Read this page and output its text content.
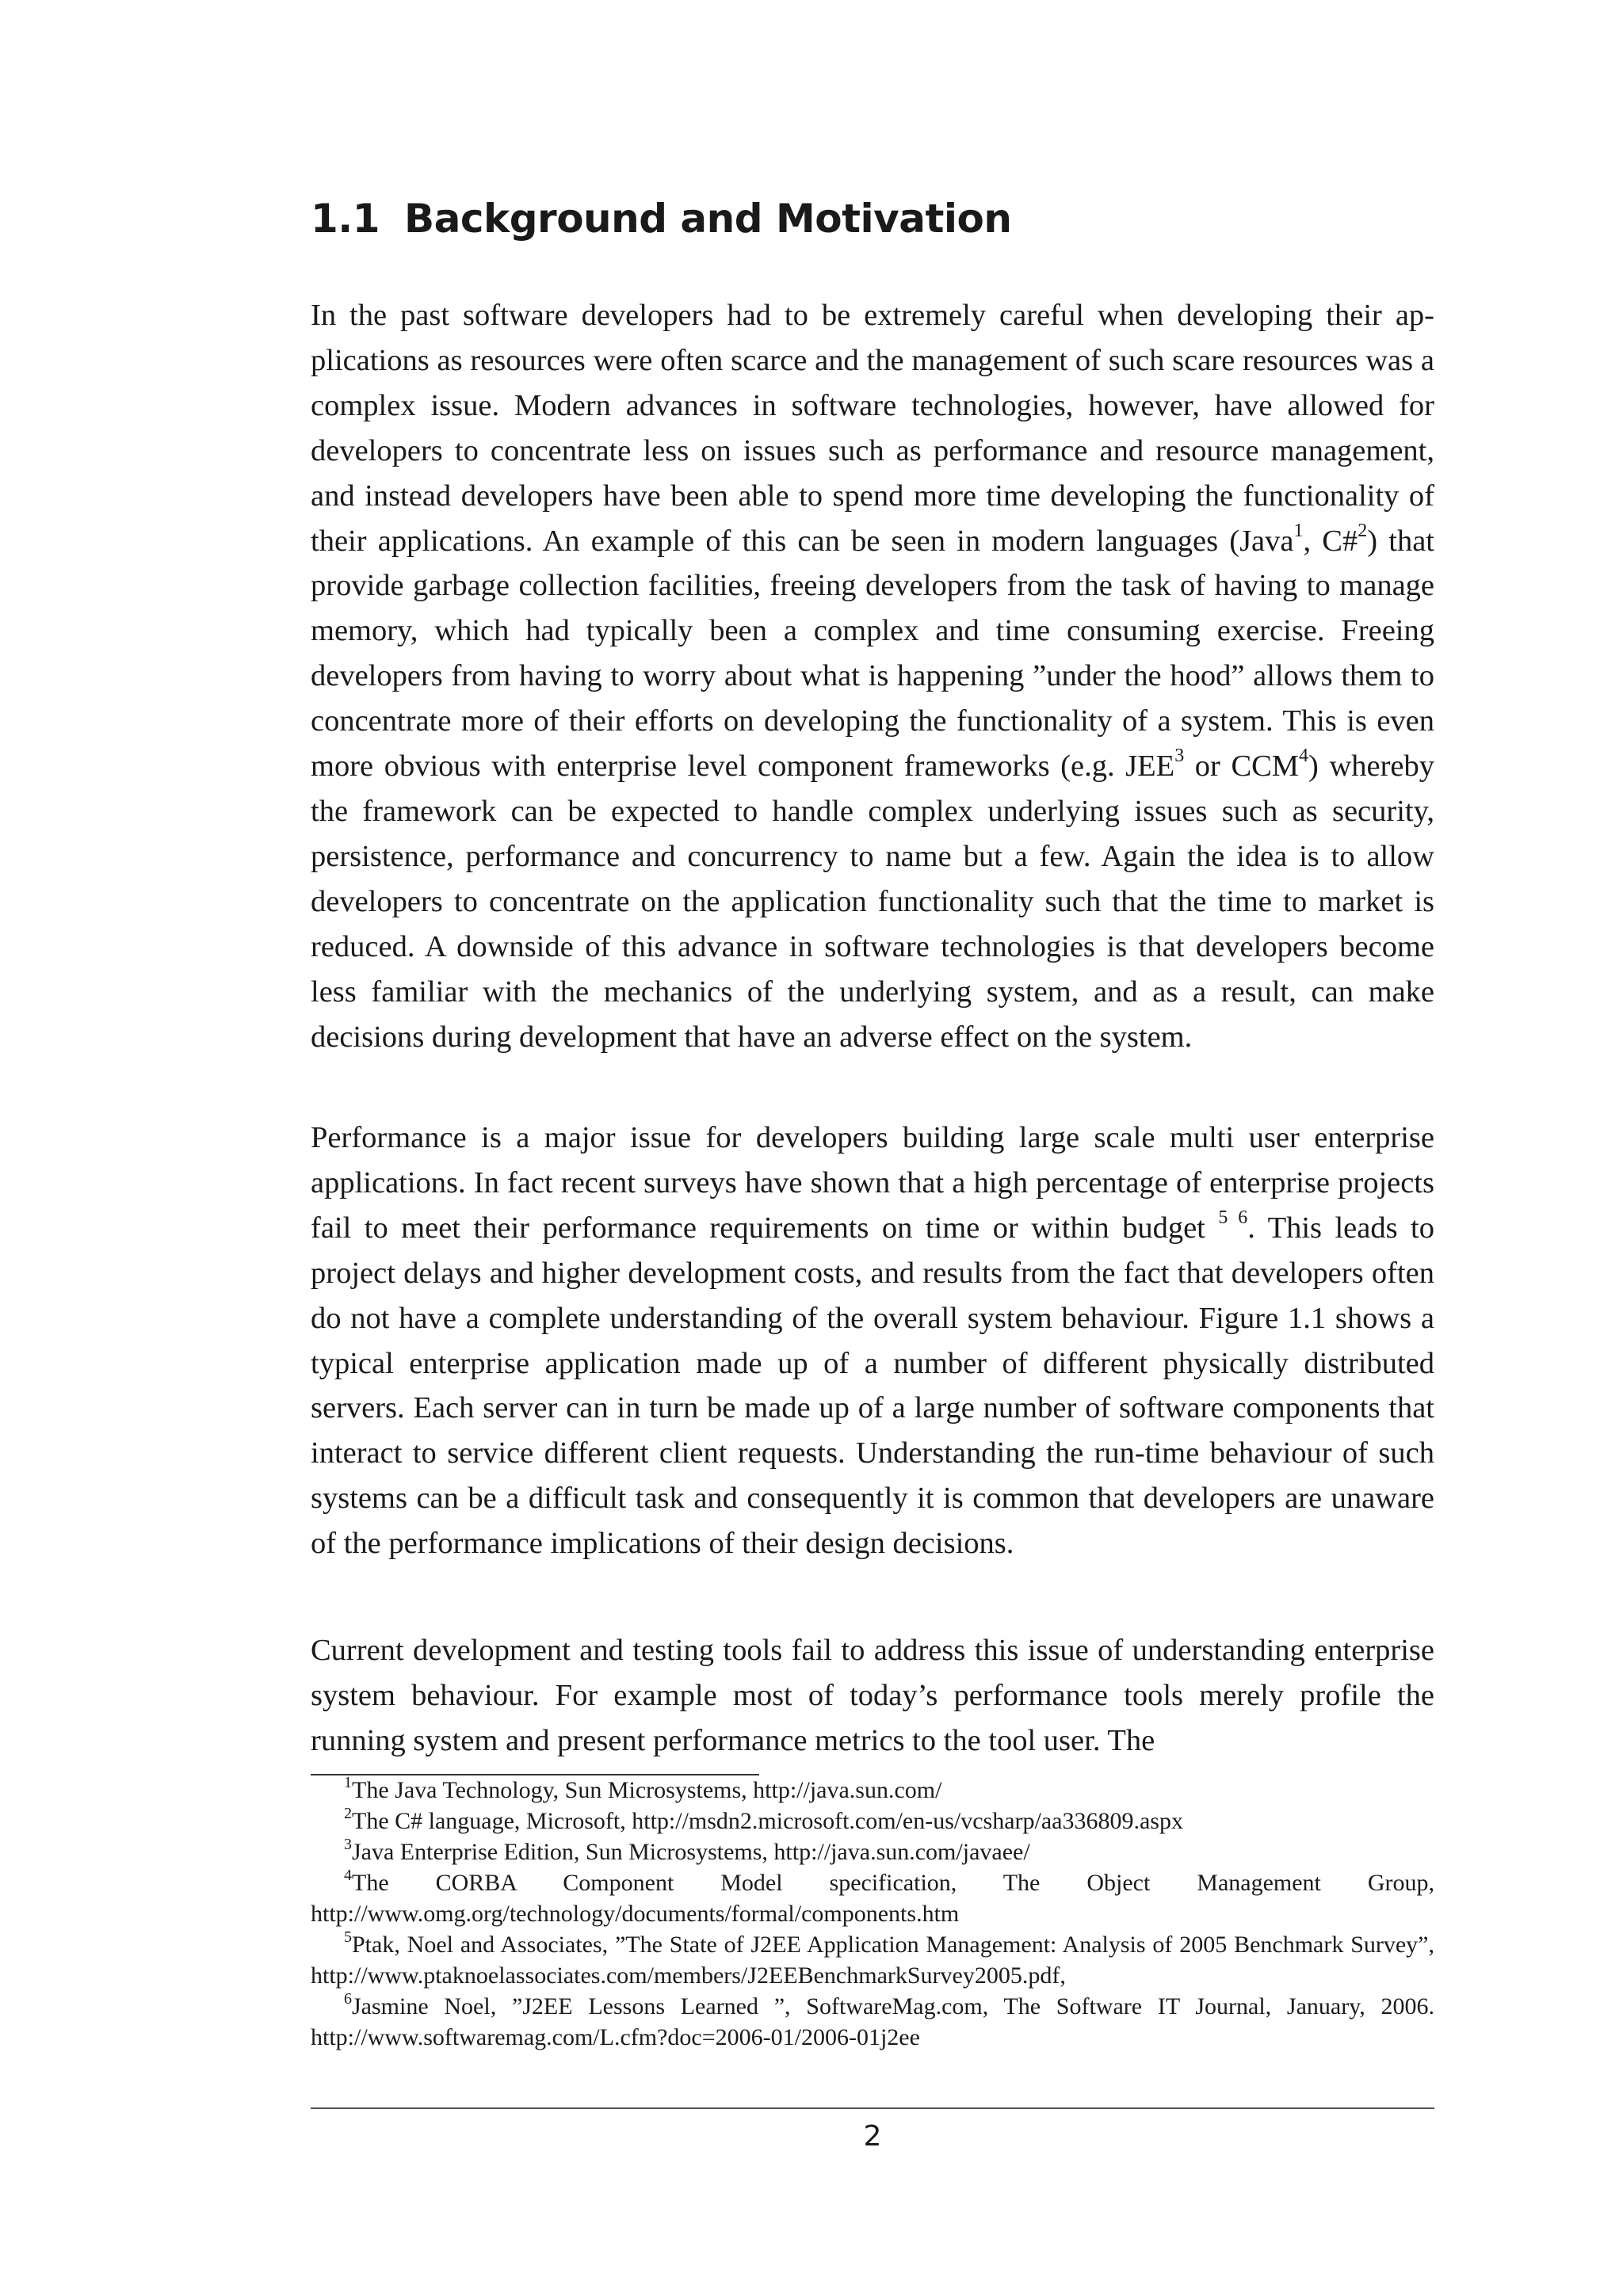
1.1 Background and Motivation

In the past software developers had to be extremely careful when developing their applications as resources were often scarce and the management of such scare resources was a complex issue. Modern advances in software technologies, however, have allowed for developers to concentrate less on issues such as performance and resource management, and instead developers have been able to spend more time developing the functionality of their applications. An example of this can be seen in modern languages (Java$^1$, C#$^2$) that provide garbage collection facilities, freeing developers from the task of having to manage memory, which had typically been a complex and time consuming exercise. Freeing developers from having to worry about what is happening ”under the hood” allows them to concentrate more of their efforts on developing the functionality of a system. This is even more obvious with enterprise level component frameworks (e.g. JEE$^3$ or CCM$^4$) whereby the framework can be expected to handle complex underlying issues such as security, persistence, performance and concurrency to name but a few. Again the idea is to allow developers to concentrate on the application functionality such that the time to market is reduced. A downside of this advance in software technologies is that developers become less familiar with the mechanics of the underlying system, and as a result, can make decisions during development that have an adverse effect on the system.

Performance is a major issue for developers building large scale multi user enterprise applications. In fact recent surveys have shown that a high percentage of enterprise projects fail to meet their performance requirements on time or within budget $^5$ $^6$. This leads to project delays and higher development costs, and results from the fact that developers often do not have a complete understanding of the overall system behaviour. Figure 1.1 shows a typical enterprise application made up of a number of different physically distributed servers. Each server can in turn be made up of a large number of software components that interact to service different client requests. Understanding the run-time behaviour of such systems can be a difficult task and consequently it is common that developers are unaware of the performance implications of their design decisions.

Current development and testing tools fail to address this issue of understanding enterprise system behaviour. For example most of today’s performance tools merely profile the running system and present performance metrics to the tool user. The

$^1$The Java Technology, Sun Microsystems, http://java.sun.com/

$^2$The C# language, Microsoft, http://msdn2.microsoft.com/en-us/vcsharp/aa336809.aspx

$^3$Java Enterprise Edition, Sun Microsystems, http://java.sun.com/javaee/

$^4$The CORBA Component Model specification, The Object Management Group, http://www.omg.org/technology/documents/formal/components.htm

$^5$Ptak, Noel and Associates, ”The State of J2EE Application Management: Analysis of 2005 Benchmark Survey”, http://www.ptaknoelassociates.com/members/J2EEBenchmarkSurvey2005.pdf,

$^6$Jasmine Noel, ”J2EE Lessons Learned ”, SoftwareMag.com, The Software IT Journal, January, 2006. http://www.softwaremag.com/L.cfm?doc=2006-01/2006-01j2ee

2
